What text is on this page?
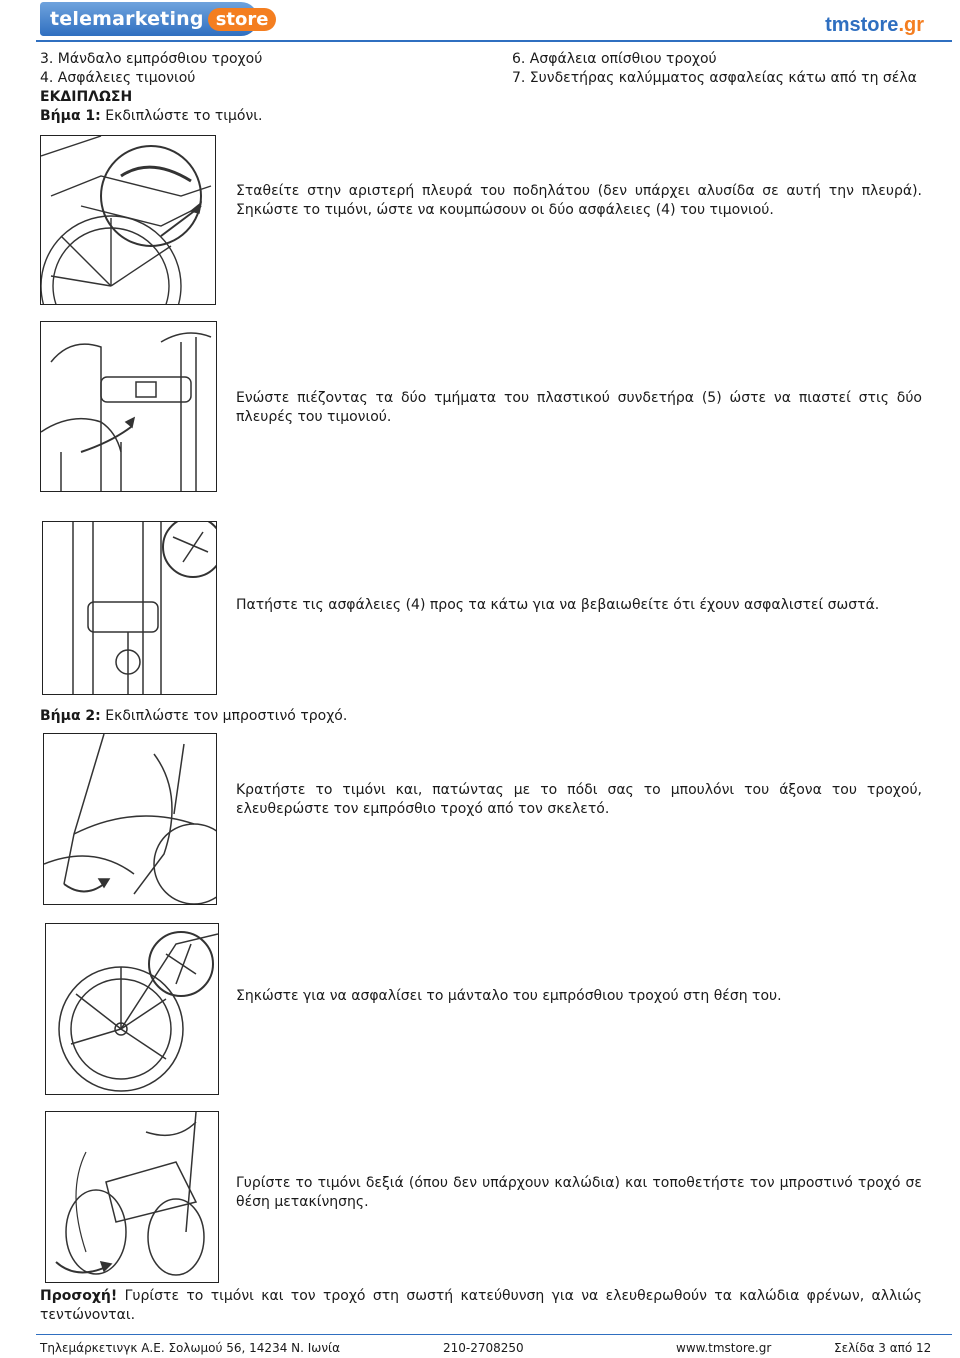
telemarketing store	®	tmstore.gr
3. Μάνδαλο εμπρόσθιου τροχού
4. Ασφάλειες τιμονιού
6. Ασφάλεια οπίσθιου τροχού
7. Συνδετήρας καλύμματος ασφαλείας κάτω από τη σέλα
ΕΚΔΙΠΛΩΣΗ
Βήμα 1: Εκδιπλώστε το τιμόνι.
Σταθείτε στην αριστερή πλευρά του ποδηλάτου (δεν υπάρχει αλυσίδα σε αυτή την πλευρά). Σηκώστε το τιμόνι, ώστε να κουμπώσουν οι δύο ασφάλειες (4) του τιμονιού.
Ενώστε πιέζοντας τα δύο τμήματα του πλαστικού συνδετήρα (5) ώστε να πιαστεί στις δύο πλευρές του τιμονιού.
Πατήστε τις ασφάλειες (4) προς τα κάτω για να βεβαιωθείτε ότι έχουν ασφαλιστεί σωστά.
Βήμα 2: Εκδιπλώστε τον μπροστινό τροχό.
Κρατήστε το τιμόνι και, πατώντας με το πόδι σας το μπουλόνι του άξονα του τροχού, ελευθερώστε τον εμπρόσθιο τροχό από τον σκελετό.
Σηκώστε για να ασφαλίσει το μάνταλο του εμπρόσθιου τροχού στη θέση του.
Γυρίστε το τιμόνι δεξιά (όπου δεν υπάρχουν καλώδια) και τοποθετήστε τον μπροστινό τροχό σε θέση μετακίνησης.
Προσοχή! Γυρίστε το τιμόνι και τον τροχό στη σωστή κατεύθυνση για να ελευθερωθούν τα καλώδια φρένων, αλλιώς τεντώνονται.
Τηλεμάρκετινγκ Α.Ε. Σολωμού 56, 14234 Ν. Ιωνία	210-2708250	www.tmstore.gr	Σελίδα 3 από 12
